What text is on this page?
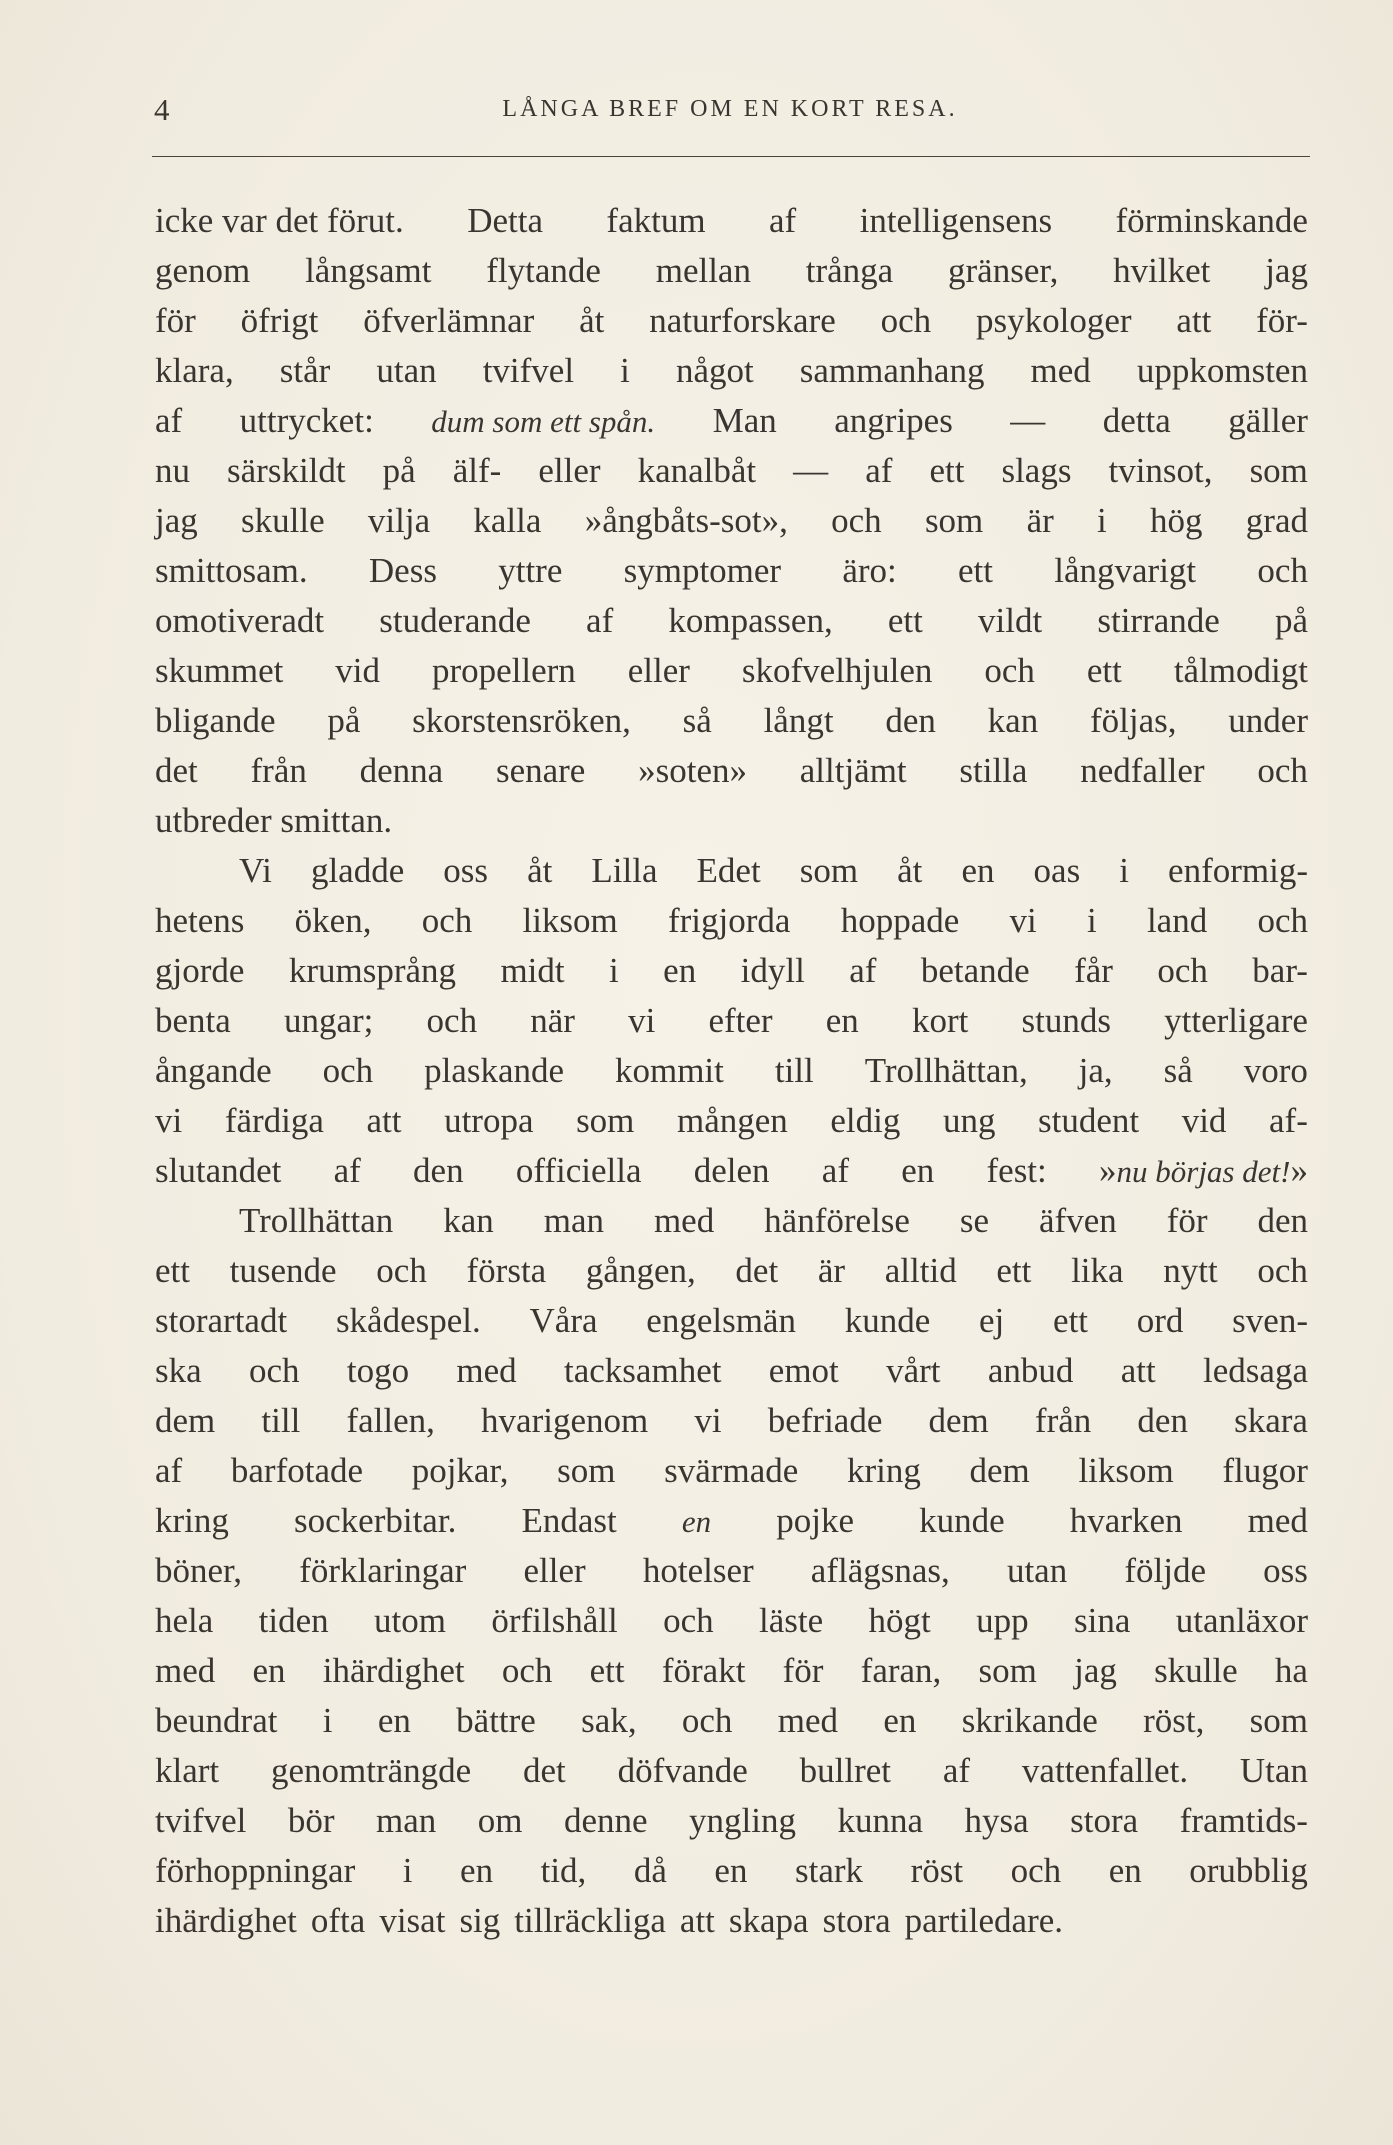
4	LÅNGA BREF OM EN KORT RESA.
icke var det förut. Detta faktum af intelligensens förminskande
genom långsamt flytande mellan trånga gränser, hvilket jag
för öfrigt öfverlämnar åt naturforskare och psykologer att för-
klara, står utan tvifvel i något sammanhang med uppkomsten
af uttrycket: dum som ett spån. Man angripes — detta gäller
nu särskildt på älf- eller kanalbåt — af ett slags tvinsot, som
jag skulle vilja kalla »ångbåts-sot», och som är i hög grad
smittosam. Dess yttre symptomer äro: ett långvarigt och
omotiveradt studerande af kompassen, ett vildt stirrande på
skummet vid propellern eller skofvelhjulen och ett tålmodigt
bligande på skorstensröken, så långt den kan följas, under
det från denna senare »soten» alltjämt stilla nedfaller och
utbreder smittan.
Vi gladde oss åt Lilla Edet som åt en oas i enformig-
hetens öken, och liksom frigjorda hoppade vi i land och
gjorde krumsprång midt i en idyll af betande får och bar-
benta ungar; och när vi efter en kort stunds ytterligare
ångande och plaskande kommit till Trollhättan, ja, så voro
vi färdiga att utropa som mången eldig ung student vid af-
slutandet af den officiella delen af en fest: »nu börjas det!»
Trollhättan kan man med hänförelse se äfven för den
ett tusende och första gången, det är alltid ett lika nytt och
storartadt skådespel. Våra engelsmän kunde ej ett ord sven-
ska och togo med tacksamhet emot vårt anbud att ledsaga
dem till fallen, hvarigenom vi befriade dem från den skara
af barfotade pojkar, som svärmade kring dem liksom flugor
kring sockerbitar. Endast en pojke kunde hvarken med
böner, förklaringar eller hotelser aflägsnas, utan följde oss
hela tiden utom örfilshåll och läste högt upp sina utanläxor
med en ihärdighet och ett förakt för faran, som jag skulle ha
beundrat i en bättre sak, och med en skrikande röst, som
klart genomträngde det döfvande bullret af vattenfallet. Utan
tvifvel bör man om denne yngling kunna hysa stora framtids-
förhoppningar i en tid, då en stark röst och en orubblig
ihärdighet ofta visat sig tillräckliga att skapa stora partiledare.
